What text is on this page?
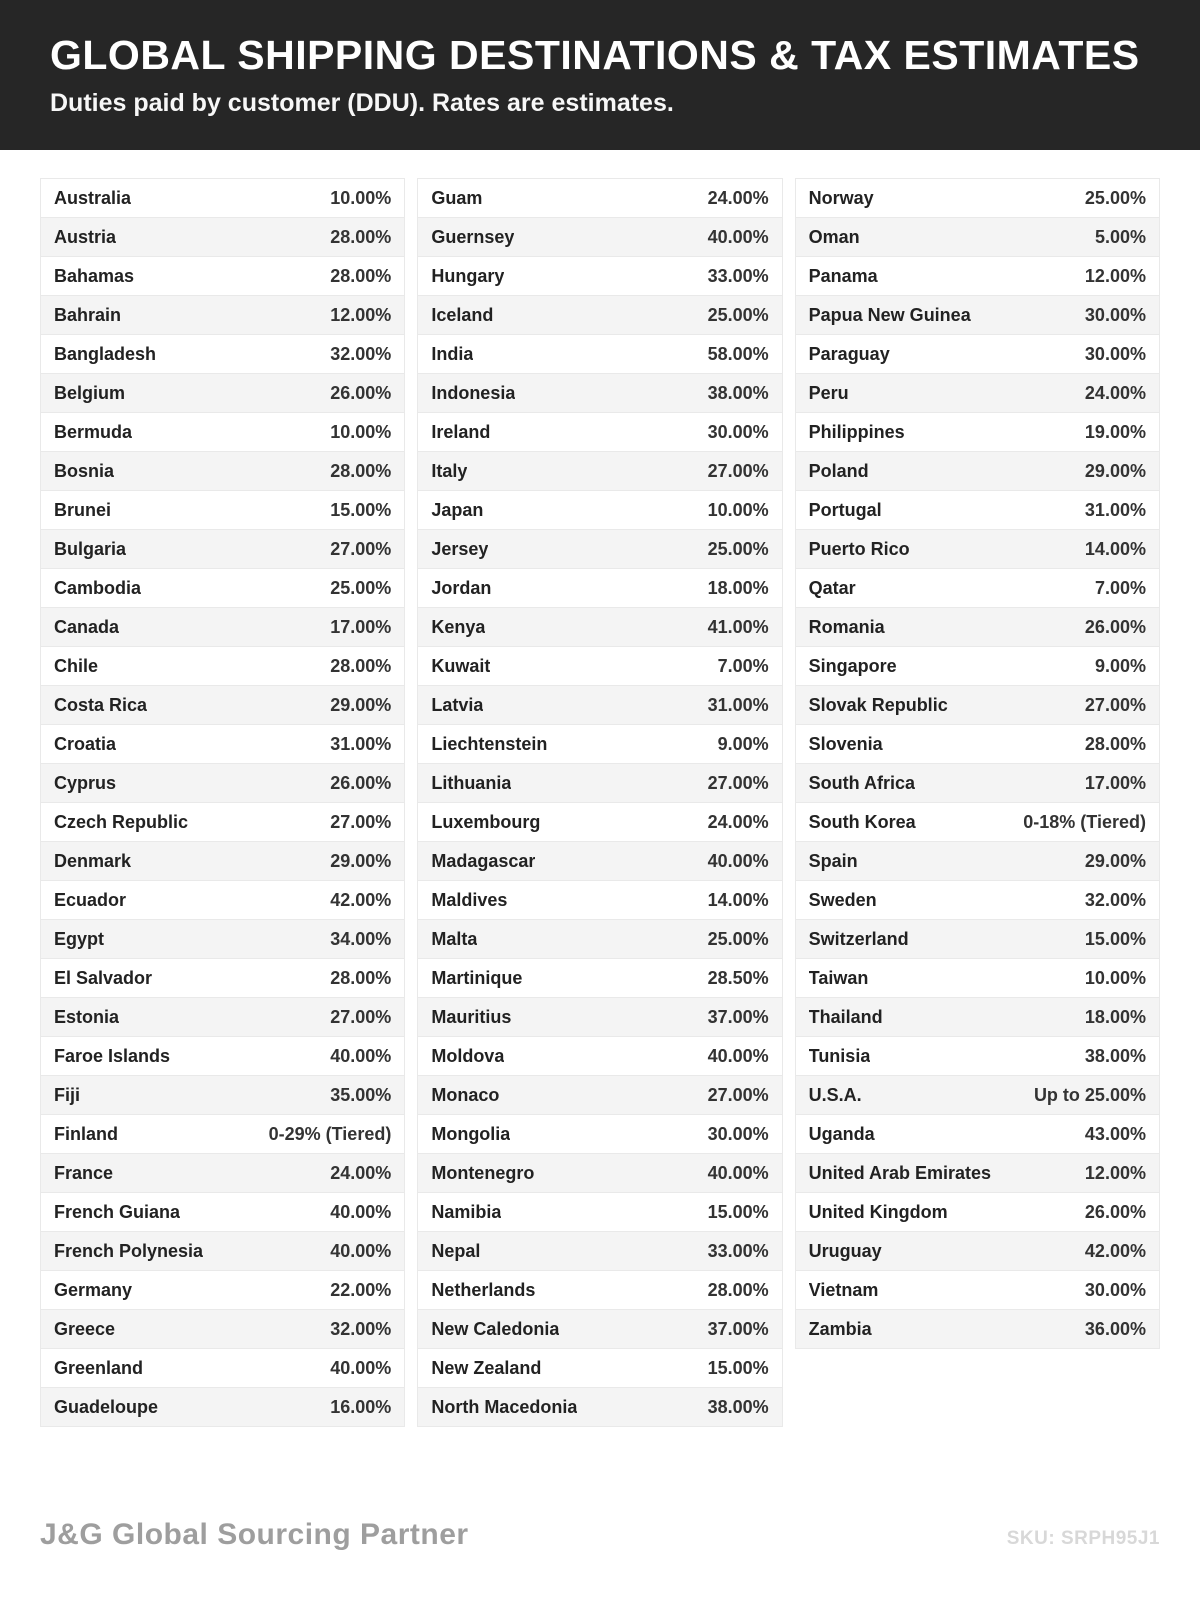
GLOBAL SHIPPING DESTINATIONS & TAX ESTIMATES

Duties paid by customer (DDU). Rates are estimates.

Australia	10.00%
Austria	28.00%
Bahamas	28.00%
Bahrain	12.00%
Bangladesh	32.00%
Belgium	26.00%
Bermuda	10.00%
Bosnia	28.00%
Brunei	15.00%
Bulgaria	27.00%
Cambodia	25.00%
Canada	17.00%
Chile	28.00%
Costa Rica	29.00%
Croatia	31.00%
Cyprus	26.00%
Czech Republic	27.00%
Denmark	29.00%
Ecuador	42.00%
Egypt	34.00%
El Salvador	28.00%
Estonia	27.00%
Faroe Islands	40.00%
Fiji	35.00%
Finland	0-29% (Tiered)
France	24.00%
French Guiana	40.00%
French Polynesia	40.00%
Germany	22.00%
Greece	32.00%
Greenland	40.00%
Guadeloupe	16.00%
Guam	24.00%
Guernsey	40.00%
Hungary	33.00%
Iceland	25.00%
India	58.00%
Indonesia	38.00%
Ireland	30.00%
Italy	27.00%
Japan	10.00%
Jersey	25.00%
Jordan	18.00%
Kenya	41.00%
Kuwait	7.00%
Latvia	31.00%
Liechtenstein	9.00%
Lithuania	27.00%
Luxembourg	24.00%
Madagascar	40.00%
Maldives	14.00%
Malta	25.00%
Martinique	28.50%
Mauritius	37.00%
Moldova	40.00%
Monaco	27.00%
Mongolia	30.00%
Montenegro	40.00%
Namibia	15.00%
Nepal	33.00%
Netherlands	28.00%
New Caledonia	37.00%
New Zealand	15.00%
North Macedonia	38.00%
Norway	25.00%
Oman	5.00%
Panama	12.00%
Papua New Guinea	30.00%
Paraguay	30.00%
Peru	24.00%
Philippines	19.00%
Poland	29.00%
Portugal	31.00%
Puerto Rico	14.00%
Qatar	7.00%
Romania	26.00%
Singapore	9.00%
Slovak Republic	27.00%
Slovenia	28.00%
South Africa	17.00%
South Korea	0-18% (Tiered)
Spain	29.00%
Sweden	32.00%
Switzerland	15.00%
Taiwan	10.00%
Thailand	18.00%
Tunisia	38.00%
U.S.A.	Up to 25.00%
Uganda	43.00%
United Arab Emirates	12.00%
United Kingdom	26.00%
Uruguay	42.00%
Vietnam	30.00%
Zambia	36.00%
J&G Global Sourcing Partner	SKU: SRPH95J1
